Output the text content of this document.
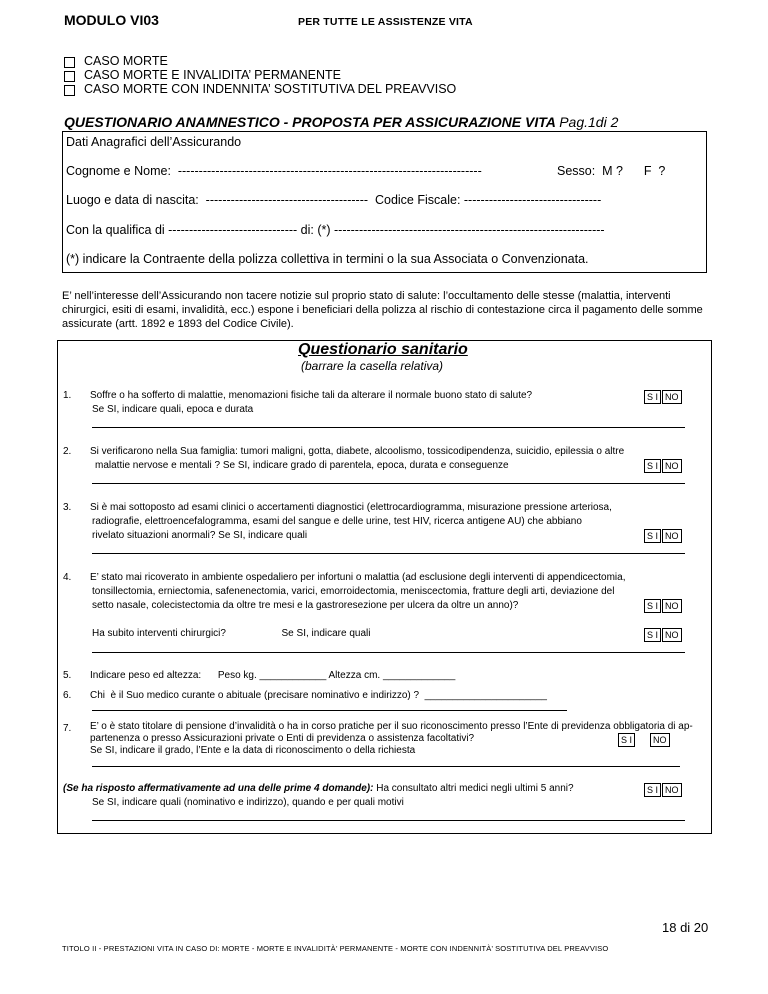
MODULO VI03	PER TUTTE LE ASSISTENZE VITA
CASO MORTE
CASO MORTE E INVALIDITA’ PERMANENTE
CASO MORTE CON INDENNITA’ SOSTITUTIVA DEL PREAVVISO
QUESTIONARIO ANAMNESTICO - PROPOSTA PER ASSICURAZIONE VITA Pag.1di 2
Dati Anagrafici dell’Assicurando
Cognome e Nome:  -------------------------------------------------------------------------	Sesso:  M ?      F  ?
Luogo e data di nascita:  ---------------------------------------  Codice Fiscale: ---------------------------------
Con la qualifica di ------------------------------- di: (*) -----------------------------------------------------------------
(*) indicare la Contraente della polizza collettiva in termini o la sua Associata o Convenzionata.
E’ nell’interesse dell’Assicurando non tacere notizie sul proprio stato di salute: l’occultamento delle stesse (malattia, interventi chirurgici, esiti di esami, invalidità, ecc.) espone i beneficiari della polizza al rischio di contestazione circa il pagamento delle somme assicurate (artt. 1892 e 1893 del Codice Civile).
Questionario sanitario
(barrare la casella relativa)
1. Soffre o ha sofferto di malattie, menomazioni fisiche tali da alterare il normale buono stato di salute?
Se SI, indicare quali, epoca e durata
S I NO
2. Si verificarono nella Sua famiglia: tumori maligni, gotta, diabete, alcoolismo, tossicodipendenza, suicidio, epilessia o altre
malattie nervose e mentali ? Se SI, indicare grado di parentela, epoca, durata e conseguenze	S I NO
3. Si è mai sottoposto ad esami clinici o accertamenti diagnostici (elettrocardiogramma, misurazione pressione arteriosa,
radiografie, elettroencefalogramma, esami del sangue e delle urine, test HIV, ricerca antigene AU) che abbiano
rivelato situazioni anormali? Se SI, indicare quali	S I NO
4. E’ stato mai ricoverato in ambiente ospedaliero per infortuni o malattia (ad esclusione degli interventi di appendicectomia,
tonsillectomia, erniectomia, safenenectomia, varici, emorroidectomia, meniscectomia, fratture degli arti, deviazione del
setto nasale, colecistectomia da oltre tre mesi e la gastroresezione per ulcera da oltre un anno)?	S I NO
Ha subito interventi chirurgici?                    Se SI, indicare quali	S I NO
5. Indicare peso ed altezza:      Peso kg. ____________ Altezza cm. _____________
6. Chi  è il Suo medico curante o abituale (precisare nominativo e indirizzo) ?  ______________________
7. E’ o è stato titolare di pensione d’invalidità o ha in corso pratiche per il suo riconoscimento presso l’Ente di previdenza obbligatoria di ap-
partenenza o presso Assicurazioni private o Enti di previdenza o assistenza facoltativi?
Se SI, indicare il grado, l’Ente e la data di riconoscimento o della richiesta
S I NO
(Se ha risposto affermativamente ad una delle prime 4 domande): Ha consultato altri medici negli ultimi 5 anni?
Se SI, indicare quali (nominativo e indirizzo), quando e per quali motivi
S I NO
18 di 20
TITOLO II - PRESTAZIONI VITA IN CASO DI: MORTE - MORTE E INVALIDITÀ’ PERMANENTE - MORTE CON INDENNITÀ’ SOSTITUTIVA DEL PREAVVISO
